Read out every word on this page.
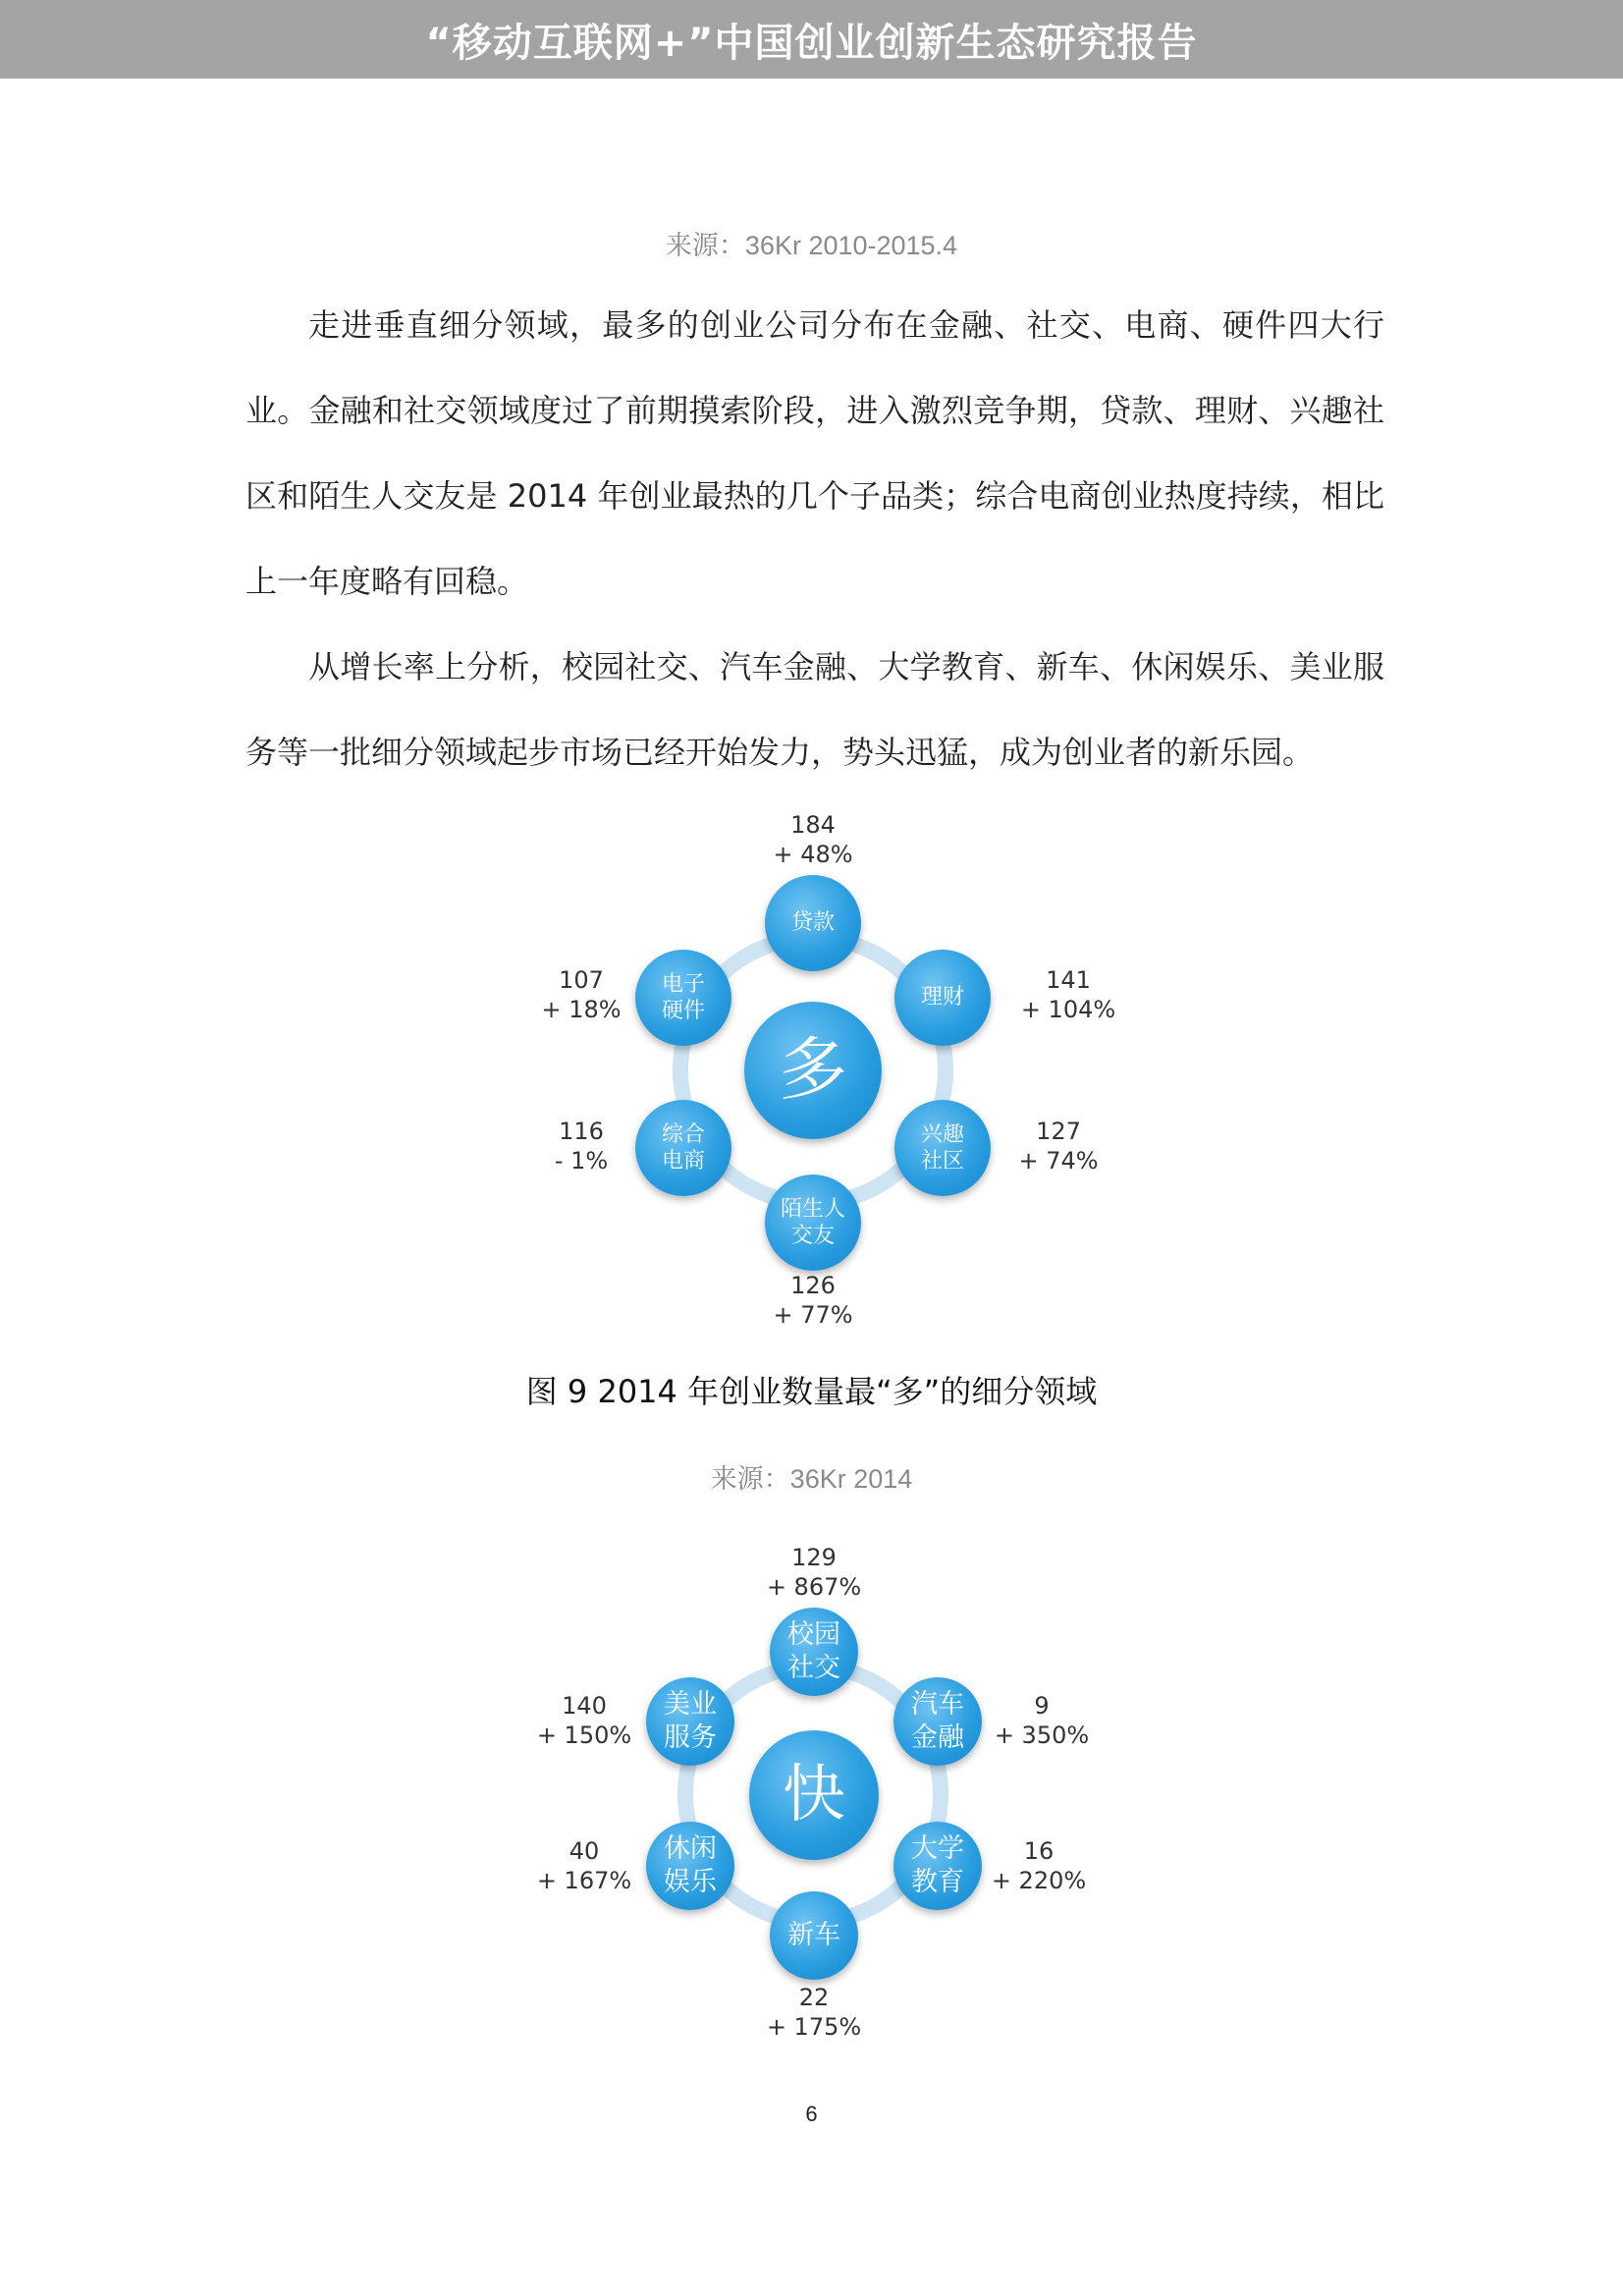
“移动互联网+”中国创业创新生态研究报告
来源：36Kr 2010-2015.4

走进垂直细分领域，最多的创业公司分布在金融、社交、电商、硬件四大行业。金融和社交领域度过了前期摸索阶段，进入激烈竞争期，贷款、理财、兴趣社区和陌生人交友是 2014 年创业最热的几个子品类；综合电商创业热度持续，相比上一年度略有回稳。

从增长率上分析，校园社交、汽车金融、大学教育、新车、休闲娱乐、美业服务等一批细分领域起步市场已经开始发力，势头迅猛，成为创业者的新乐园。

多
贷款
理财
兴趣
社区
陌生人
交友
综合
电商
电子
硬件
184
+ 48%
141
+ 104%
127
+ 74%
126
+ 77%
116
- 1%
107
+ 18%
图 9 2014 年创业数量最“多”的细分领域
来源：36Kr 2014
快
校园
社交
汽车
金融
大学
教育
新车
休闲
娱乐
美业
服务
129
+ 867%
9
+ 350%
16
+ 220%
22
+ 175%
40
+ 167%
140
+ 150%
6
